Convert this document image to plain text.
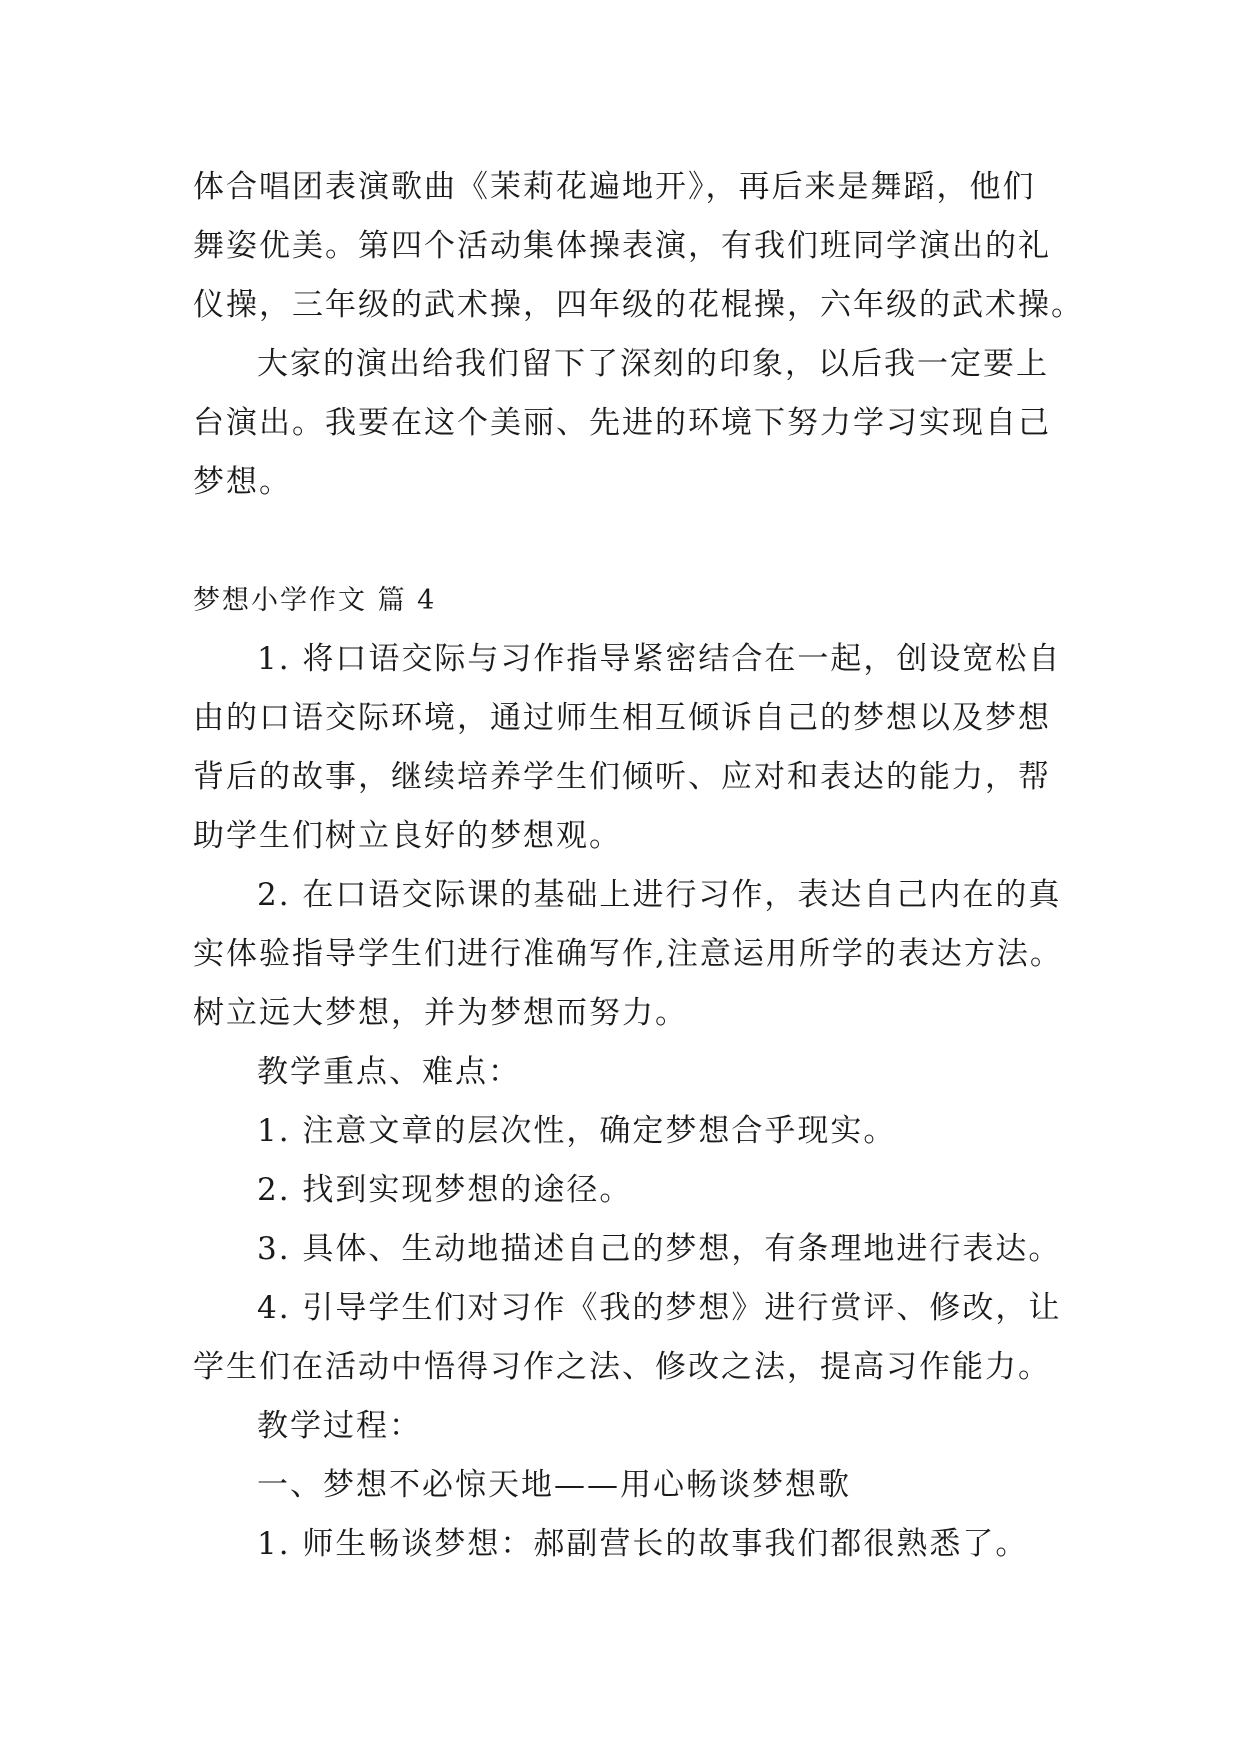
体合唱团表演歌曲《茉莉花遍地开》，再后来是舞蹈，他们
舞姿优美。第四个活动集体操表演，有我们班同学演出的礼
仪操，三年级的武术操，四年级的花棍操，六年级的武术操。
大家的演出给我们留下了深刻的印象，以后我一定要上
台演出。我要在这个美丽、先进的环境下努力学习实现自己
梦想。
梦想小学作文 篇 4
1. 将口语交际与习作指导紧密结合在一起，创设宽松自
由的口语交际环境，通过师生相互倾诉自己的梦想以及梦想
背后的故事，继续培养学生们倾听、应对和表达的能力，帮
助学生们树立良好的梦想观。
2. 在口语交际课的基础上进行习作，表达自己内在的真
实体验指导学生们进行准确写作,注意运用所学的表达方法。
树立远大梦想，并为梦想而努力。
教学重点、难点：
1. 注意文章的层次性，确定梦想合乎现实。
2. 找到实现梦想的途径。
3. 具体、生动地描述自己的梦想，有条理地进行表达。
4. 引导学生们对习作《我的梦想》进行赏评、修改，让
学生们在活动中悟得习作之法、修改之法，提高习作能力。
教学过程：
一、梦想不必惊天地——用心畅谈梦想歌
1. 师生畅谈梦想：郝副营长的故事我们都很熟悉了。
